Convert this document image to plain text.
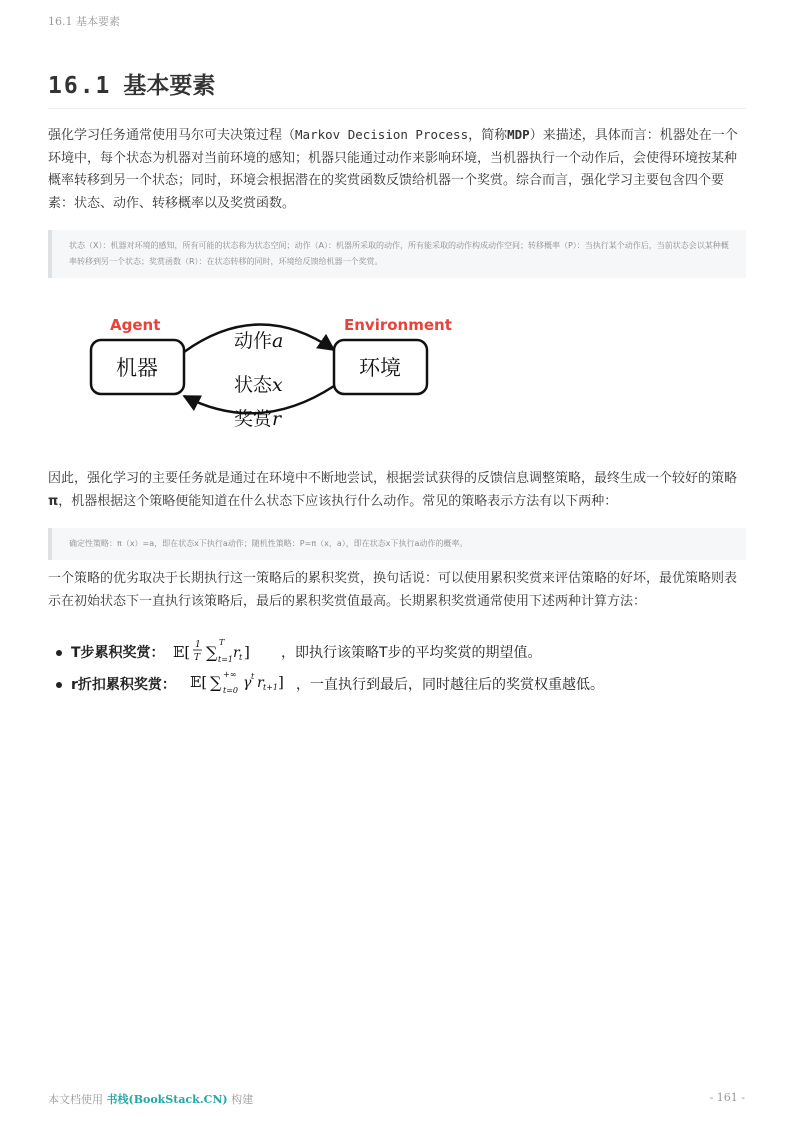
16.1 基本要素
16.1 基本要素

强化学习任务通常使用马尔可夫决策过程（Markov Decision Process，简称MDP）来描述，具体而言：机器处在一个环境中，每个状态为机器对当前环境的感知；机器只能通过动作来影响环境，当机器执行一个动作后，会使得环境按某种概率转移到另一个状态；同时，环境会根据潜在的奖赏函数反馈给机器一个奖赏。综合而言，强化学习主要包含四个要素：状态、动作、转移概率以及奖赏函数。

状态（X）：机器对环境的感知，所有可能的状态称为状态空间；动作（A）：机器所采取的动作，所有能采取的动作构成动作空间；转移概率（P）：当执行某个动作后，当前状态会以某种概率转移到另一个状态；奖赏函数（R）：在状态转移的同时，环境给反馈给机器一个奖赏。
Agent	Environment
机器	环境
动作a
状态x
奖赏r

因此，强化学习的主要任务就是通过在环境中不断地尝试，根据尝试获得的反馈信息调整策略，最终生成一个较好的策略π，机器根据这个策略便能知道在什么状态下应该执行什么动作。常见的策略表示方法有以下两种：

确定性策略：π（x）=a，即在状态x下执行a动作；随机性策略：P=π（x，a），即在状态x下执行a动作的概率。

一个策略的优劣取决于长期执行这一策略后的累积奖赏，换句话说：可以使用累积奖赏来评估策略的好坏，最优策略则表示在初始状态下一直执行该策略后，最后的累积奖赏值最高。长期累积奖赏通常使用下述两种计算方法：

T步累积奖赏： 𝔼[ 1
T ∑
T
t=1 r t ] ，即执行该策略T步的平均奖赏的期望值。
r折扣累积奖赏： 𝔼[ ∑ +∞
t=0 γ t r t+1 ] ，一直执行到最后，同时越往后的奖赏权重越低。
本文档使用 书栈(BookStack.CN) 构建	- 161 -
